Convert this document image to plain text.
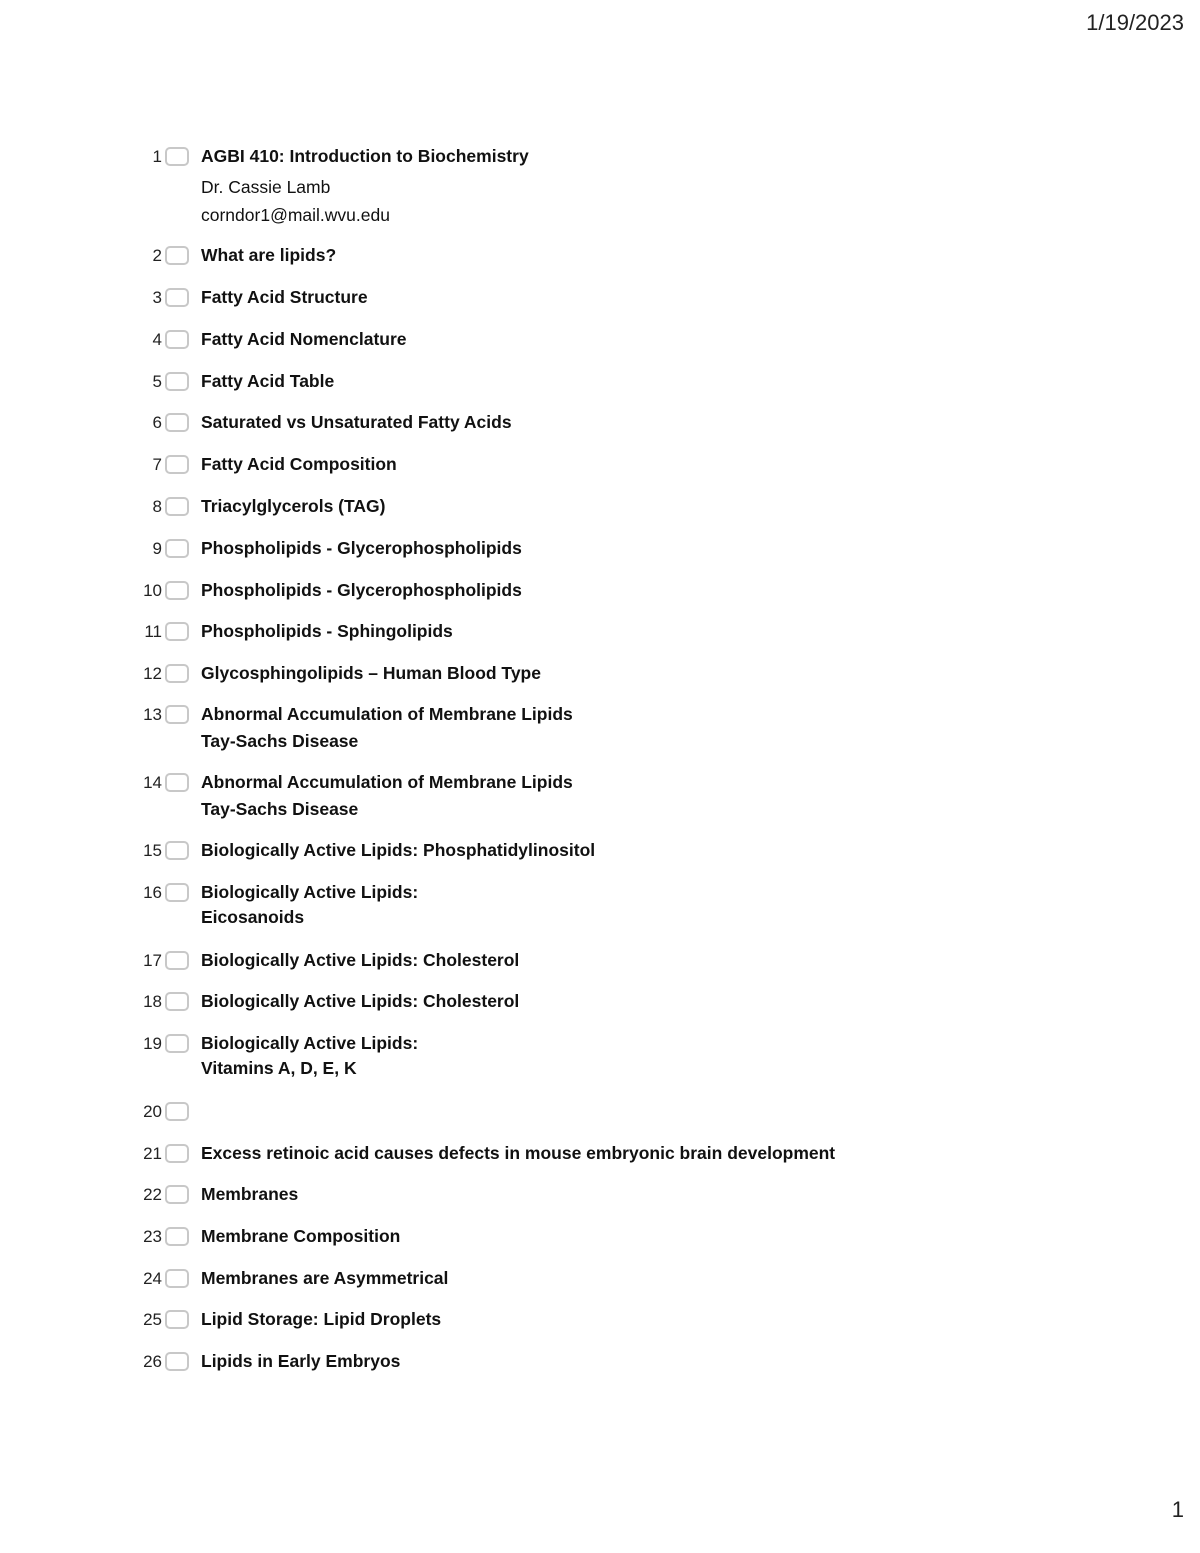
1/19/2023
1 AGBI 410: Introduction to Biochemistry
Dr. Cassie Lamb
corndor1@mail.wvu.edu
2 What are lipids?
3 Fatty Acid Structure
4 Fatty Acid Nomenclature
5 Fatty Acid Table
6 Saturated vs Unsaturated Fatty Acids
7 Fatty Acid Composition
8 Triacylglycerols (TAG)
9 Phospholipids - Glycerophospholipids
10 Phospholipids - Glycerophospholipids
11 Phospholipids - Sphingolipids
12 Glycosphingolipids – Human Blood Type
13 Abnormal Accumulation of Membrane Lipids
Tay-Sachs Disease
14 Abnormal Accumulation of Membrane Lipids
Tay-Sachs Disease
15 Biologically Active Lipids: Phosphatidylinositol
16 Biologically Active Lipids:
Eicosanoids
17 Biologically Active Lipids: Cholesterol
18 Biologically Active Lipids: Cholesterol
19 Biologically Active Lipids:
Vitamins A, D, E, K
20
21 Excess retinoic acid causes defects in mouse embryonic brain development
22 Membranes
23 Membrane Composition
24 Membranes are Asymmetrical
25 Lipid Storage: Lipid Droplets
26 Lipids in Early Embryos
1
